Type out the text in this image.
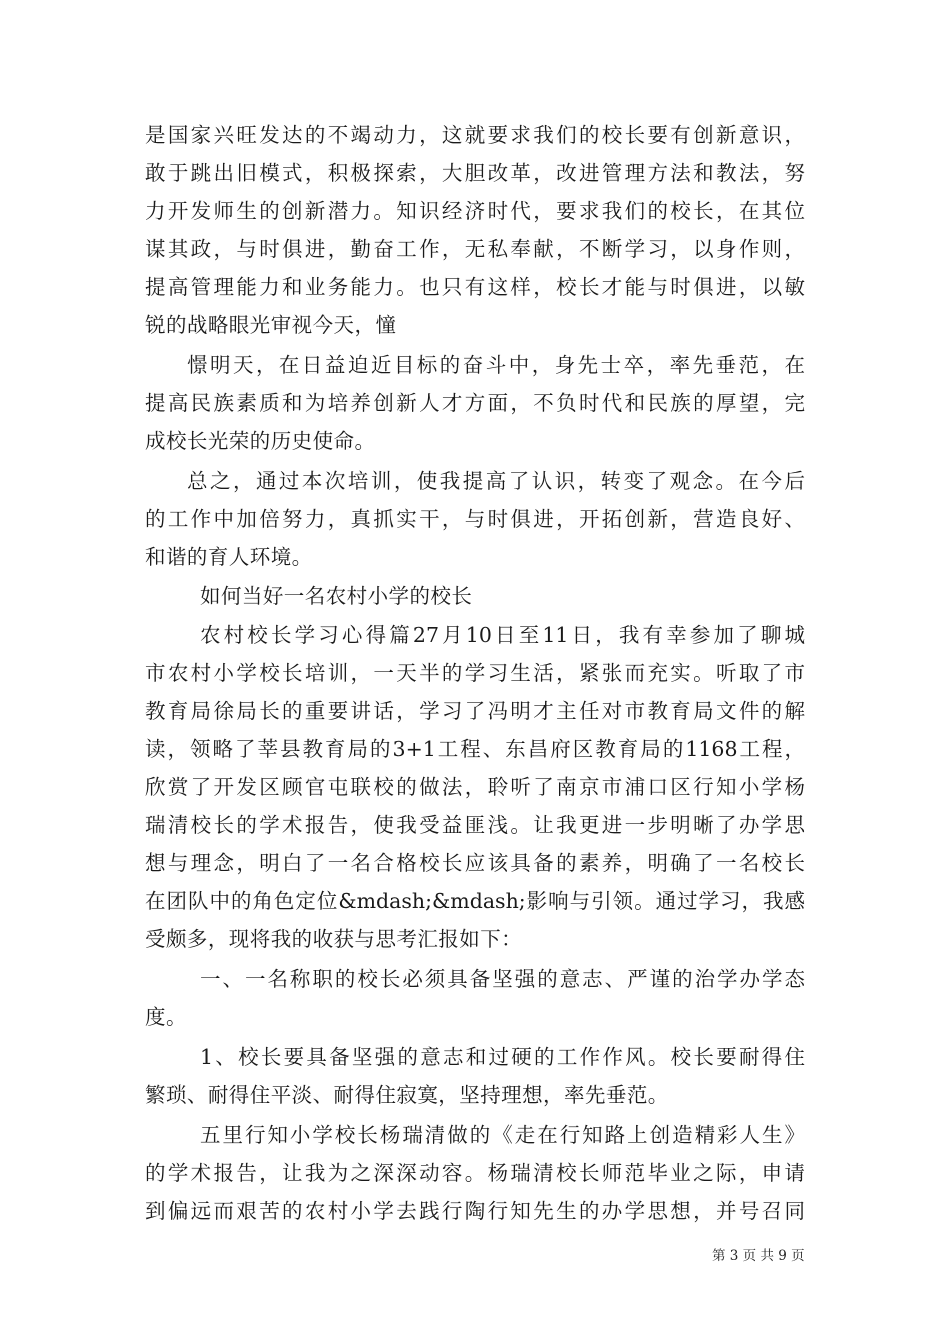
是国家兴旺发达的不竭动力，这就要求我们的校长要有创新意识，
敢于跳出旧模式，积极探索，大胆改革，改进管理方法和教法，努
力开发师生的创新潜力。知识经济时代，要求我们的校长，在其位
谋其政，与时俱进，勤奋工作，无私奉献，不断学习，以身作则，
提高管理能力和业务能力。也只有这样，校长才能与时俱进，以敏
锐的战略眼光审视今天，憧
憬明天，在日益迫近目标的奋斗中，身先士卒，率先垂范，在
提高民族素质和为培养创新人才方面，不负时代和民族的厚望，完
成校长光荣的历史使命。
总之，通过本次培训，使我提高了认识，转变了观念。在今后
的工作中加倍努力，真抓实干，与时俱进，开拓创新，营造良好、
和谐的育人环境。
如何当好一名农村小学的校长
农村校长学习心得篇27月10日至11日，我有幸参加了聊城
市农村小学校长培训，一天半的学习生活，紧张而充实。听取了市
教育局徐局长的重要讲话，学习了冯明才主任对市教育局文件的解
读，领略了莘县教育局的3+1工程、东昌府区教育局的1168工程，
欣赏了开发区顾官屯联校的做法，聆听了南京市浦口区行知小学杨
瑞清校长的学术报告，使我受益匪浅。让我更进一步明晰了办学思
想与理念，明白了一名合格校长应该具备的素养，明确了一名校长
在团队中的角色定位&mdash;&mdash;影响与引领。通过学习，我感
受颇多，现将我的收获与思考汇报如下：
一、一名称职的校长必须具备坚强的意志、严谨的治学办学态
度。
1、校长要具备坚强的意志和过硬的工作作风。校长要耐得住
繁琐、耐得住平淡、耐得住寂寞，坚持理想，率先垂范。
五里行知小学校长杨瑞清做的《走在行知路上创造精彩人生》
的学术报告，让我为之深深动容。杨瑞清校长师范毕业之际，申请
到偏远而艰苦的农村小学去践行陶行知先生的办学思想，并号召同
第 3 页 共 9 页
